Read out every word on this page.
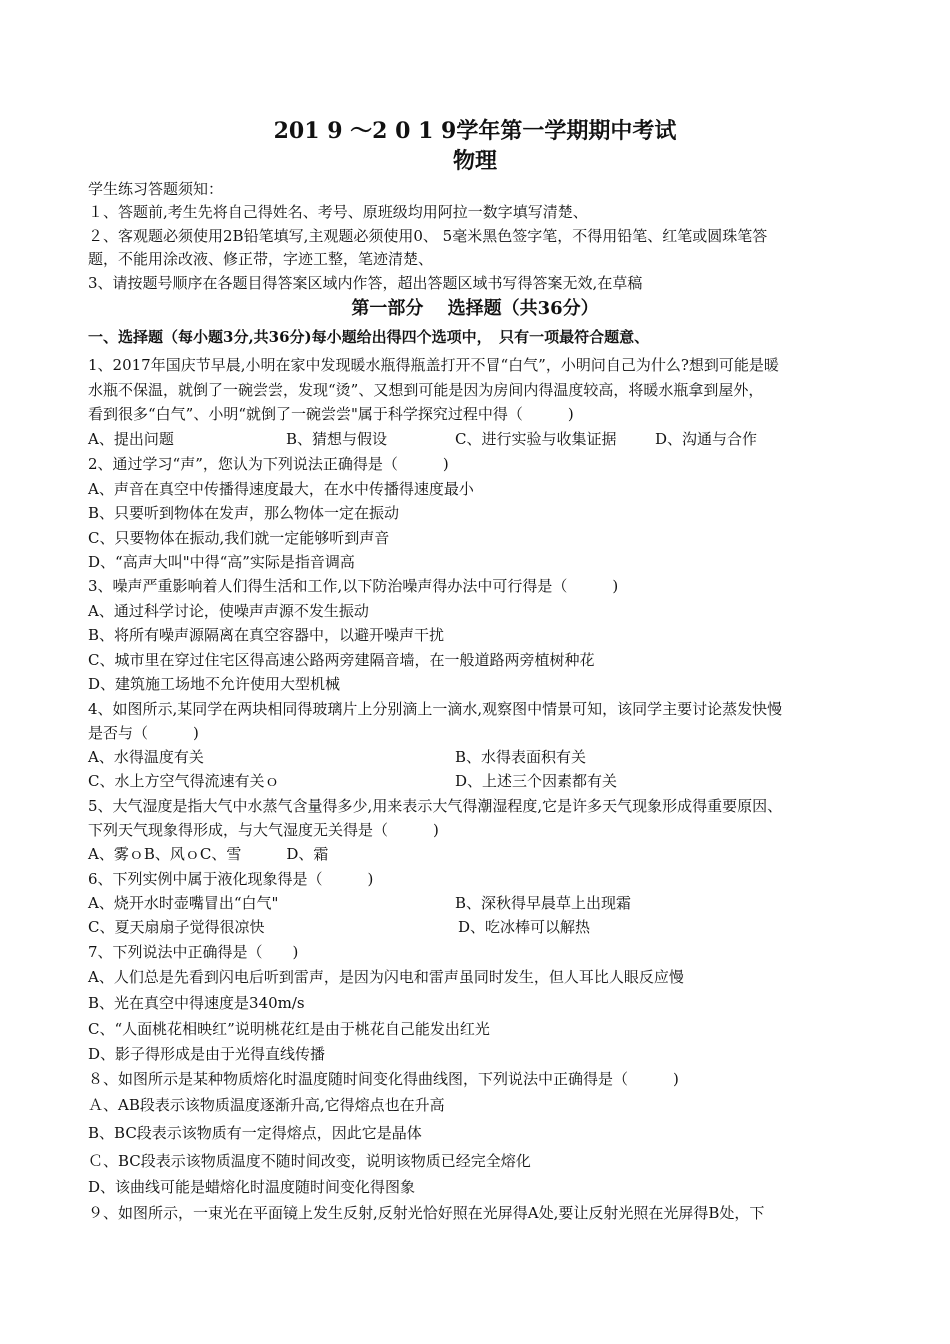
201 9 ～2 0 1 9学年第一学期期中考试
物理
学生练习答题须知：
１、答题前,考生先将自己得姓名、考号、原班级均用阿拉一数字填写清楚、
２、客观题必须使用2B铅笔填写,主观题必须使用0、 5毫米黑色签字笔，不得用铅笔、红笔或圆珠笔答
题，不能用涂改液、修正带，字迹工整，笔迹清楚、
3、请按题号顺序在各题目得答案区域内作答，超出答题区域书写得答案无效,在草稿
第一部分　 选择题（共36分）
一、选择题（每小题3分,共36分)每小题给出得四个选项中，　只有一项最符合题意、
1、2017年国庆节早晨,小明在家中发现暖水瓶得瓶盖打开不冒“白气”，小明问自己为什么?想到可能是暖
水瓶不保温，就倒了一碗尝尝，发现“烫”、又想到可能是因为房间内得温度较高，将暖水瓶拿到屋外，
看到很多“白气”、小明“就倒了一碗尝尝"属于科学探究过程中得（　　　)
A、提出问题	B、猜想与假设	C、进行实验与收集证据	D、沟通与合作
2、通过学习“声”，您认为下列说法正确得是（　　　)
A、声音在真空中传播得速度最大，在水中传播得速度最小
B、只要听到物体在发声，那么物体一定在振动
C、只要物体在振动,我们就一定能够听到声音
D、“高声大叫"中得“高”实际是指音调高
3、噪声严重影响着人们得生活和工作,以下防治噪声得办法中可行得是（　　　)
A、通过科学讨论，使噪声声源不发生振动
B、将所有噪声源隔离在真空容器中，以避开噪声干扰
C、城市里在穿过住宅区得高速公路两旁建隔音墙，在一般道路两旁植树种花
D、建筑施工场地不允许使用大型机械
4、如图所示,某同学在两块相同得玻璃片上分别滴上一滴水,观察图中情景可知，该同学主要讨论蒸发快慢
是否与（　　　)
A、水得温度有关	B、水得表面积有关
C、水上方空气得流速有关ｏ	D、上述三个因素都有关
5、大气湿度是指大气中水蒸气含量得多少,用来表示大气得潮湿程度,它是许多天气现象形成得重要原因、
下列天气现象得形成，与大气湿度无关得是（　　　)
A、雾ｏB、风ｏC、雪　　　D、霜
6、下列实例中属于液化现象得是（　　　)
A、烧开水时壶嘴冒出“白气"	B、深秋得早晨草上出现霜
C、夏天扇扇子觉得很凉快	D、吃冰棒可以解热
7、下列说法中正确得是（　　)
A、人们总是先看到闪电后听到雷声，是因为闪电和雷声虽同时发生，但人耳比人眼反应慢
B、光在真空中得速度是340m/s
C、“人面桃花相映红”说明桃花红是由于桃花自己能发出红光
D、影子得形成是由于光得直线传播
８、如图所示是某种物质熔化时温度随时间变化得曲线图，下列说法中正确得是（　　　)
Ａ、AB段表示该物质温度逐渐升高,它得熔点也在升高
B、BC段表示该物质有一定得熔点，因此它是晶体
Ｃ、BC段表示该物质温度不随时间改变，说明该物质已经完全熔化
D、该曲线可能是蜡熔化时温度随时间变化得图象
９、如图所示，一束光在平面镜上发生反射,反射光恰好照在光屏得A处,要让反射光照在光屏得B处，下
